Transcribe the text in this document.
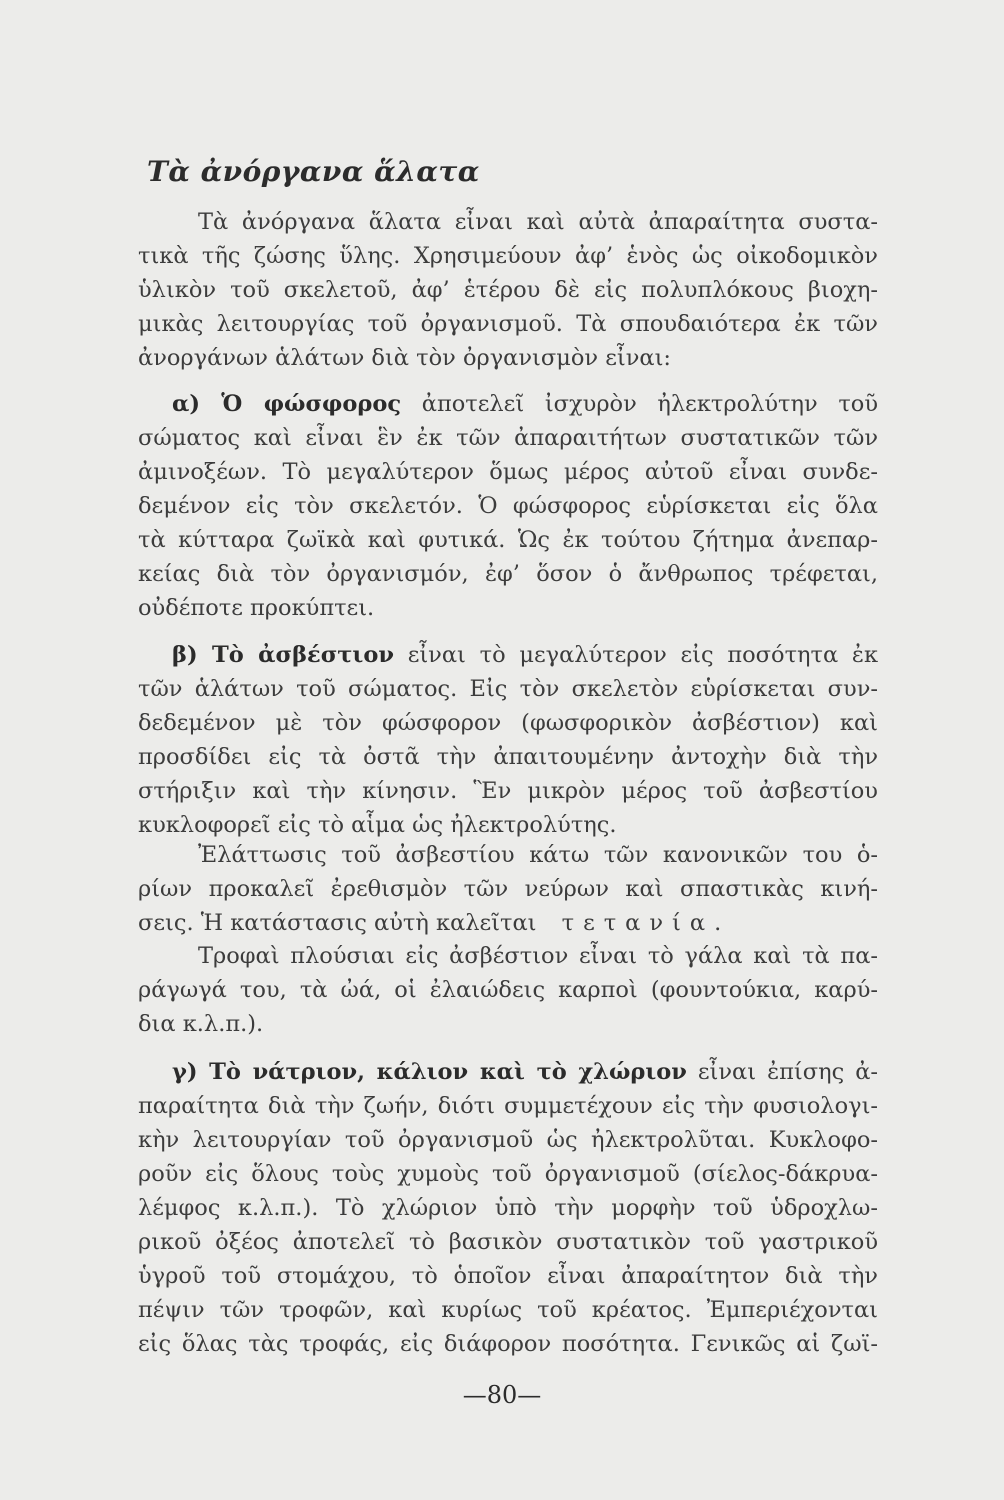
Τὰ ἀνόργανα ἅλατα

Τὰ ἀνόργανα ἅλατα εἶναι καὶ αὐτὰ ἀπαραίτητα συστα-

τικὰ τῆς ζώσης ὕλης. Χρησιμεύουν ἀφ’ ἑνὸς ὡς οἰκοδομικὸν

ὑλικὸν τοῦ σκελετοῦ, ἀφ’ ἑτέρου δὲ εἰς πολυπλόκους βιοχη-

μικὰς λειτουργίας τοῦ ὀργανισμοῦ. Τὰ σπουδαιότερα ἐκ τῶν

ἀνοργάνων ἁλάτων διὰ τὸν ὀργανισμὸν εἶναι:

α) Ὁ φώσφορος ἀποτελεῖ ἰσχυρὸν ἠλεκτρολύτην τοῦ

σώματος καὶ εἶναι ἓν ἐκ τῶν ἀπαραιτήτων συστατικῶν τῶν

ἀμινοξέων. Τὸ μεγαλύτερον ὅμως μέρος αὐτοῦ εἶναι συνδε-

δεμένον εἰς τὸν σκελετόν. Ὁ φώσφορος εὑρίσκεται εἰς ὅλα

τὰ κύτταρα ζωϊκὰ καὶ φυτικά. Ὡς ἐκ τούτου ζήτημα ἀνεπαρ-

κείας διὰ τὸν ὀργανισμόν, ἐφ’ ὅσον ὁ ἄνθρωπος τρέφεται,

οὐδέποτε προκύπτει.

β) Τὸ ἀσβέστιον εἶναι τὸ μεγαλύτερον εἰς ποσότητα ἐκ

τῶν ἁλάτων τοῦ σώματος. Εἰς τὸν σκελετὸν εὑρίσκεται συν-

δεδεμένον μὲ τὸν φώσφορον (φωσφορικὸν ἀσβέστιον) καὶ

προσδίδει εἰς τὰ ὀστᾶ τὴν ἀπαιτουμένην ἀντοχὴν διὰ τὴν

στήριξιν καὶ τὴν κίνησιν. Ἓν μικρὸν μέρος τοῦ ἀσβεστίου

κυκλοφορεῖ εἰς τὸ αἷμα ὡς ἠλεκτρολύτης.

Ἐλάττωσις τοῦ ἀσβεστίου κάτω τῶν κανονικῶν του ὁ-

ρίων προκαλεῖ ἐρεθισμὸν τῶν νεύρων καὶ σπαστικὰς κινή-

σεις. Ἡ κατάστασις αὐτὴ καλεῖται τετανία.

Τροφαὶ πλούσιαι εἰς ἀσβέστιον εἶναι τὸ γάλα καὶ τὰ πα-

ράγωγά του, τὰ ὠά, οἱ ἐλαιώδεις καρποὶ (φουντούκια, καρύ-

δια κ.λ.π.).

γ) Τὸ νάτριον, κάλιον καὶ τὸ χλώριον εἶναι ἐπίσης ἀ-

παραίτητα διὰ τὴν ζωήν, διότι συμμετέχουν εἰς τὴν φυσιολογι-

κὴν λειτουργίαν τοῦ ὀργανισμοῦ ὡς ἠλεκτρολῦται. Κυκλοφο-

ροῦν εἰς ὅλους τοὺς χυμοὺς τοῦ ὀργανισμοῦ (σίελος-δάκρυα-

λέμφος κ.λ.π.). Τὸ χλώριον ὑπὸ τὴν μορφὴν τοῦ ὑδροχλω-

ρικοῦ ὀξέος ἀποτελεῖ τὸ βασικὸν συστατικὸν τοῦ γαστρικοῦ

ὑγροῦ τοῦ στομάχου, τὸ ὁποῖον εἶναι ἀπαραίτητον διὰ τὴν

πέψιν τῶν τροφῶν, καὶ κυρίως τοῦ κρέατος. Ἐμπεριέχονται

εἰς ὅλας τὰς τροφάς, εἰς διάφορον ποσότητα. Γενικῶς αἱ ζωϊ-

—80—
